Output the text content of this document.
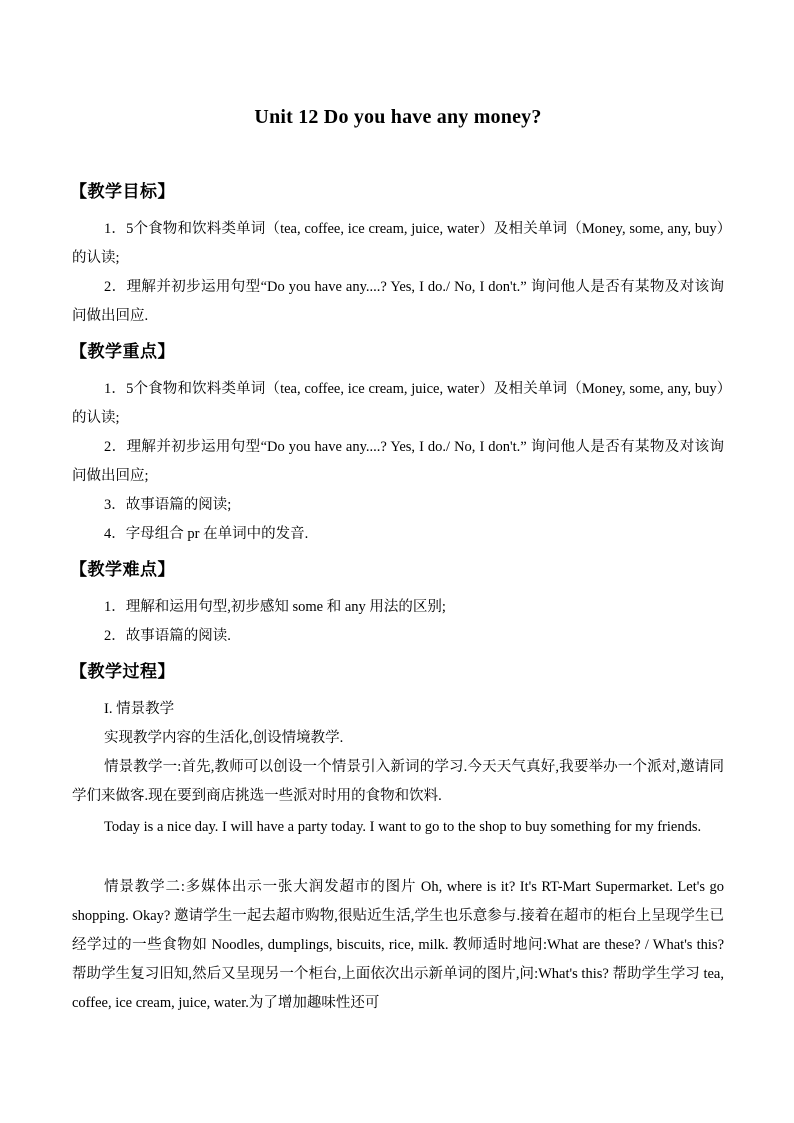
Unit 12 Do you have any money?
【教学目标】
1．5个食物和饮料类单词（tea, coffee, ice cream, juice, water）及相关单词（Money, some, any, buy）的认读;
2．理解并初步运用句型“Do you have any....? Yes, I do./ No, I don't.” 询问他人是否有某物及对该询问做出回应.
【教学重点】
1．5个食物和饮料类单词（tea, coffee, ice cream, juice, water）及相关单词（Money, some, any, buy）的认读;
2．理解并初步运用句型“Do you have any....? Yes, I do./ No, I don't.” 询问他人是否有某物及对该询问做出回应;
3．故事语篇的阅读;
4．字母组合 pr 在单词中的发音.
【教学难点】
1．理解和运用句型,初步感知 some 和 any 用法的区别;
2．故事语篇的阅读.
【教学过程】
I. 情景教学
实现教学内容的生活化,创设情境教学.
情景教学一:首先,教师可以创设一个情景引入新词的学习.今天天气真好,我要举办一个派对,邀请同学们来做客.现在要到商店挑选一些派对时用的食物和饮料.
Today is a nice day. I will have a party today. I want to go to the shop to buy something for my friends.
情景教学二:多媒体出示一张大润发超市的图片 Oh, where is it? It's RT-Mart Supermarket. Let's go shopping. Okay? 邀请学生一起去超市购物,很贴近生活,学生也乐意参与.接着在超市的柜台上呈现学生已经学过的一些食物如 Noodles, dumplings, biscuits, rice, milk. 教师适时地问:What are these? / What's this? 帮助学生复习旧知,然后又呈现另一个柜台,上面依次出示新单词的图片,问:What's this? 帮助学生学习 tea, coffee, ice cream, juice, water.为了增加趣味性还可
